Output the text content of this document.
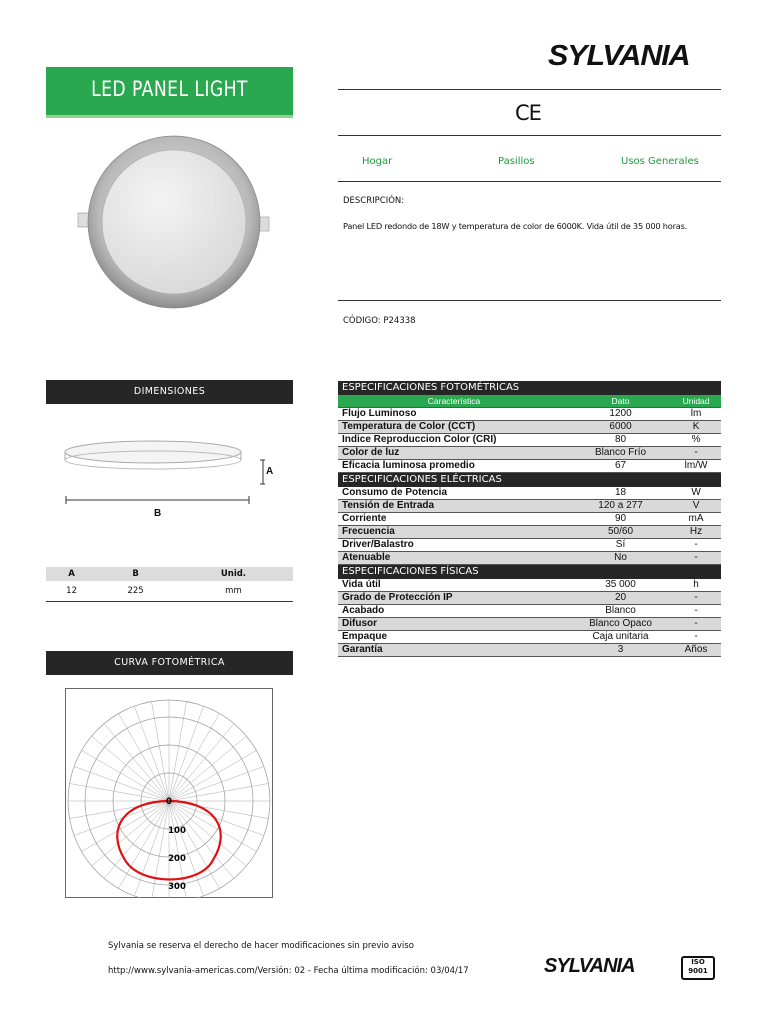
SYLVANIA
LED PANEL LIGHT
CE
Hogar	Pasillos	Usos Generales
DESCRIPCIÓN:
Panel LED redondo de 18W y temperatura de color de 6000K. Vida útil de 35 000 horas.
CÓDIGO: P24338
DIMENSIONES
A
B
A	B	Unid.
12	225	mm
CURVA FOTOMÉTRICA
0
100
200
300
ESPECIFICACIONES FOTOMÉTRICAS		
Característica	Dato	Unidad
Flujo Luminoso	1200	lm
Temperatura de Color (CCT)	6000	K
Indice Reproduccion Color (CRI)	80	%
Color de luz	Blanco Frío	-
Eficacia luminosa promedio	67	lm/W
ESPECIFICACIONES ELÉCTRICAS		
Consumo de Potencia	18	W
Tensión de Entrada	120 a 277	V
Corriente	90	mA
Frecuencia	50/60	Hz
Driver/Balastro	Sí	-
Atenuable	No	-
ESPECIFICACIONES FÍSICAS		
Vida útil	35 000	h
Grado de Protección IP	20	-
Acabado	Blanco	-
Difusor	Blanco Opaco	-
Empaque	Caja unitaria	-
Garantía	3	Años
Sylvania se reserva el derecho de hacer modificaciones sin previo aviso
http://www.sylvania-americas.com/Versión: 02 - Fecha última modificación: 03/04/17	SYLVANIA	ISO
9001
